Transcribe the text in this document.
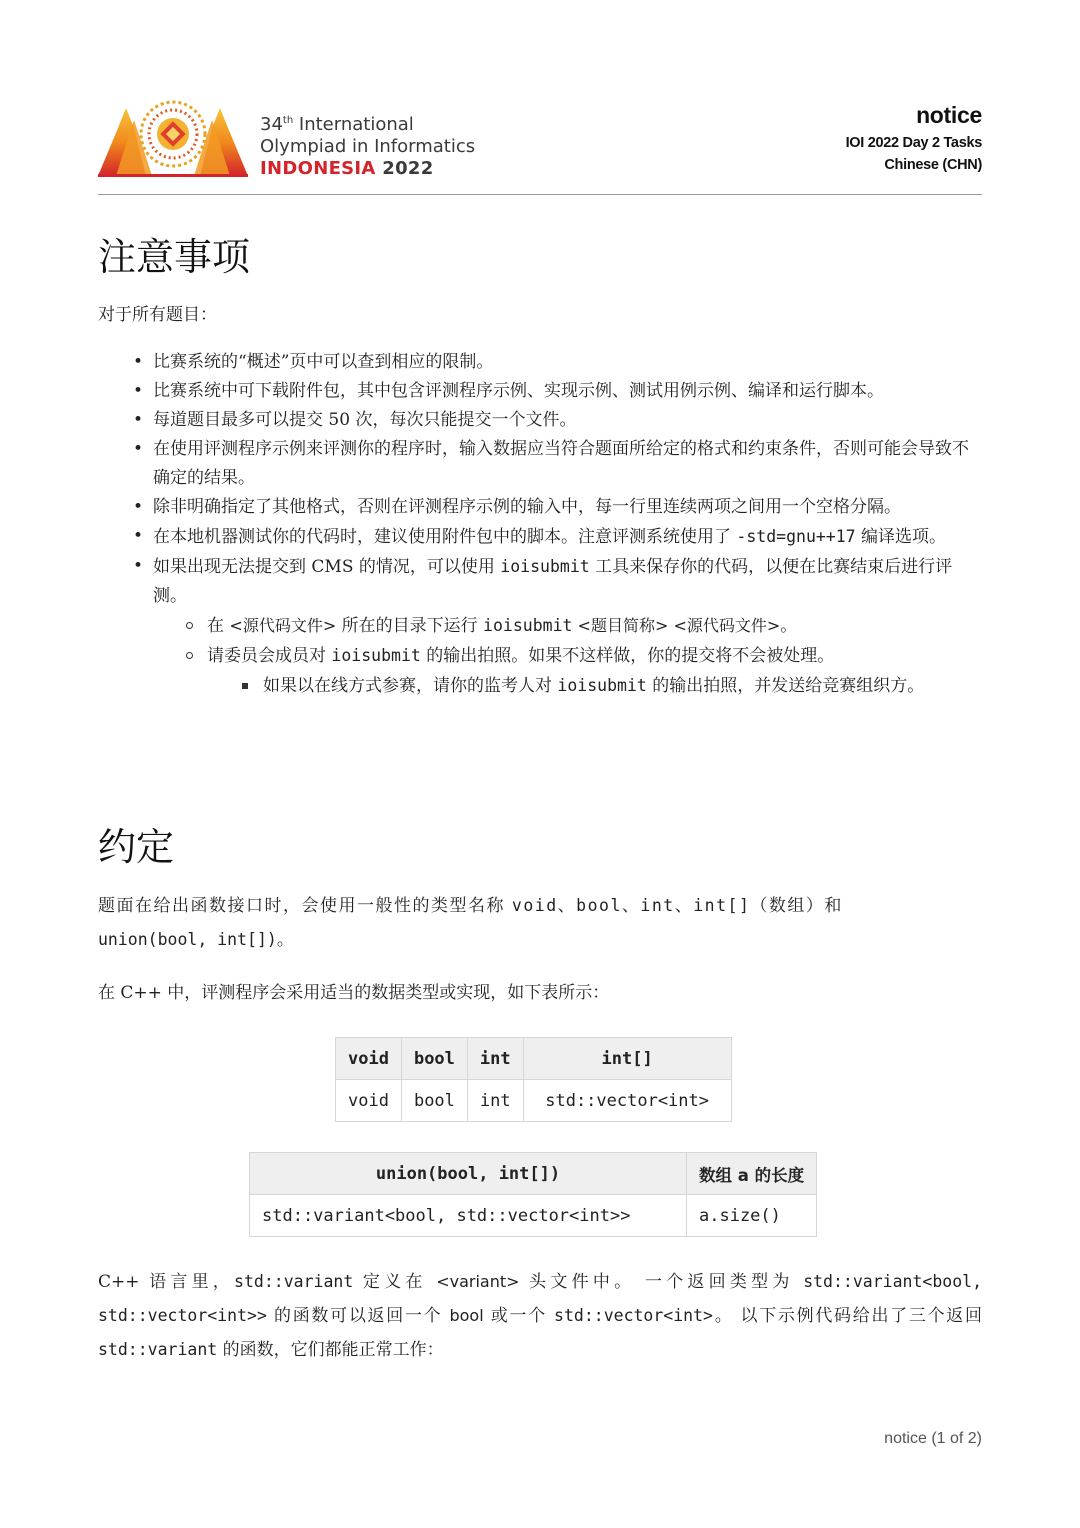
34th International
Olympiad in Informatics
INDONESIA 2022
notice
IOI 2022 Day 2 Tasks
Chinese (CHN)
注意事项
对于所有题目：
• 比赛系统的“概述”页中可以查到相应的限制。
• 比赛系统中可下载附件包，其中包含评测程序示例、实现示例、测试用例示例、编译和运行脚本。
• 每道题目最多可以提交 50 次，每次只能提交一个文件。
• 在使用评测程序示例来评测你的程序时，输入数据应当符合题面所给定的格式和约束条件，否则可能会导致不确定的结果。
• 除非明确指定了其他格式，否则在评测程序示例的输入中，每一行里连续两项之间用一个空格分隔。
• 在本地机器测试你的代码时，建议使用附件包中的脚本。注意评测系统使用了 -std=gnu++17 编译选项。
• 如果出现无法提交到 CMS 的情况，可以使用 ioisubmit 工具来保存你的代码，以便在比赛结束后进行评测。
在 <源代码文件> 所在的目录下运行 ioisubmit <题目简称> <源代码文件>。
请委员会成员对 ioisubmit 的输出拍照。如果不这样做，你的提交将不会被处理。
如果以在线方式参赛，请你的监考人对 ioisubmit 的输出拍照，并发送给竞赛组织方。
约定
题面在给出函数接口时，会使用一般性的类型名称 void、bool、int、int[]（数组）和
union(bool, int[])。
在 C++ 中，评测程序会采用适当的数据类型或实现，如下表所示：
void	bool	int	int[]
void	bool	int	std::vector<int>
union(bool, int[])	数组 a 的长度
std::variant<bool, std::vector<int>>	a.size()
C++ 语言里，std::variant 定义在 <variant> 头文件中。 一个返回类型为 std::variant<bool, std::vector<int>> 的函数可以返回一个 bool 或一个 std::vector<int>。 以下示例代码给出了三个返回 std::variant 的函数，它们都能正常工作：
notice (1 of 2)
